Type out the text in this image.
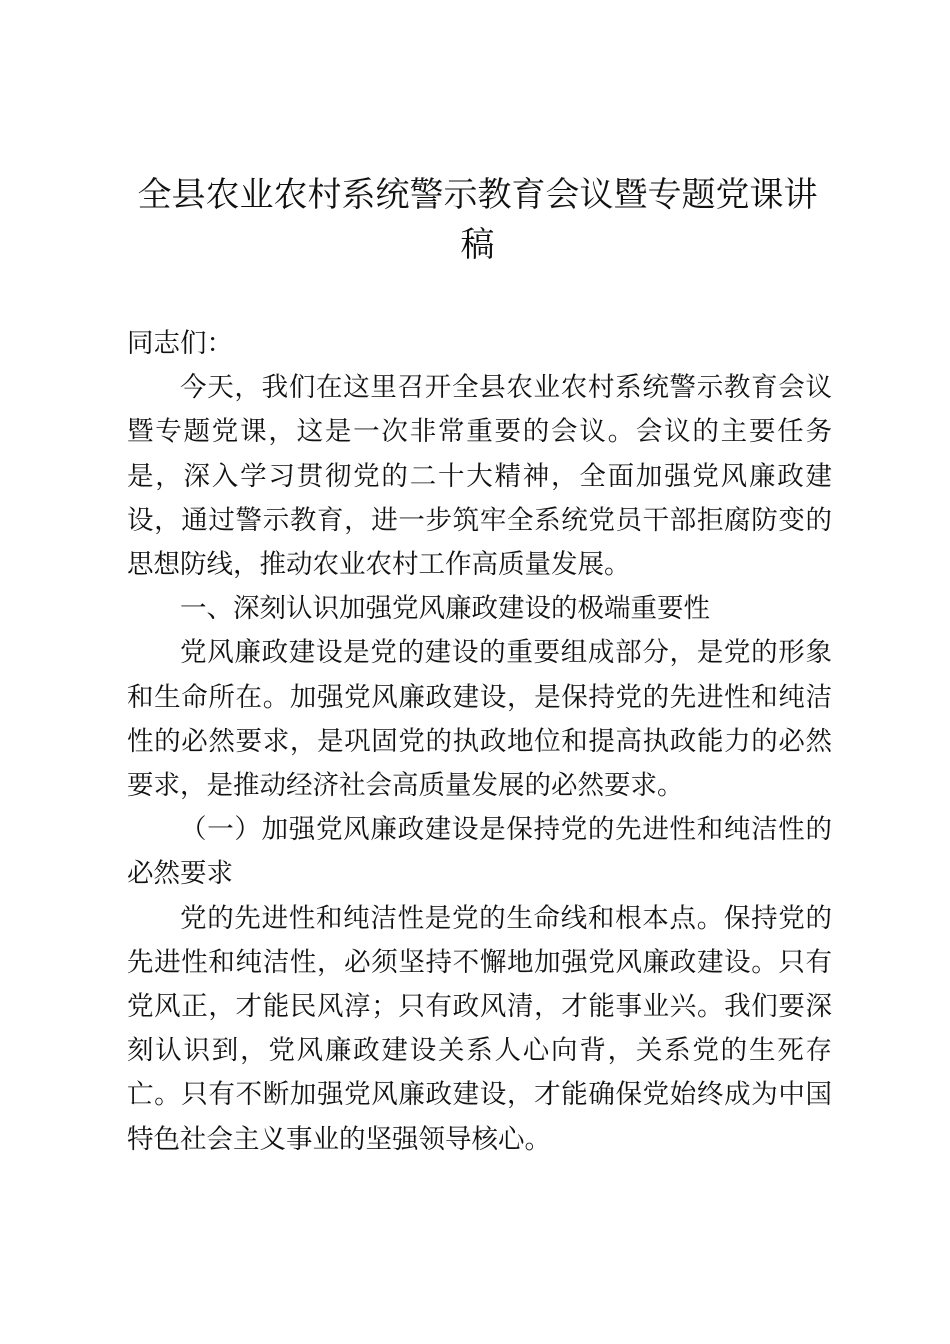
全县农业农村系统警示教育会议暨专题党课讲稿

同志们：

今天，我们在这里召开全县农业农村系统警示教育会议暨专题党课，这是一次非常重要的会议。会议的主要任务是，深入学习贯彻党的二十大精神，全面加强党风廉政建设，通过警示教育，进一步筑牢全系统党员干部拒腐防变的思想防线，推动农业农村工作高质量发展。

一、深刻认识加强党风廉政建设的极端重要性

党风廉政建设是党的建设的重要组成部分，是党的形象和生命所在。加强党风廉政建设，是保持党的先进性和纯洁性的必然要求，是巩固党的执政地位和提高执政能力的必然要求，是推动经济社会高质量发展的必然要求。

（一）加强党风廉政建设是保持党的先进性和纯洁性的必然要求

党的先进性和纯洁性是党的生命线和根本点。保持党的先进性和纯洁性，必须坚持不懈地加强党风廉政建设。只有党风正，才能民风淳；只有政风清，才能事业兴。我们要深刻认识到，党风廉政建设关系人心向背，关系党的生死存亡。只有不断加强党风廉政建设，才能确保党始终成为中国特色社会主义事业的坚强领导核心。
